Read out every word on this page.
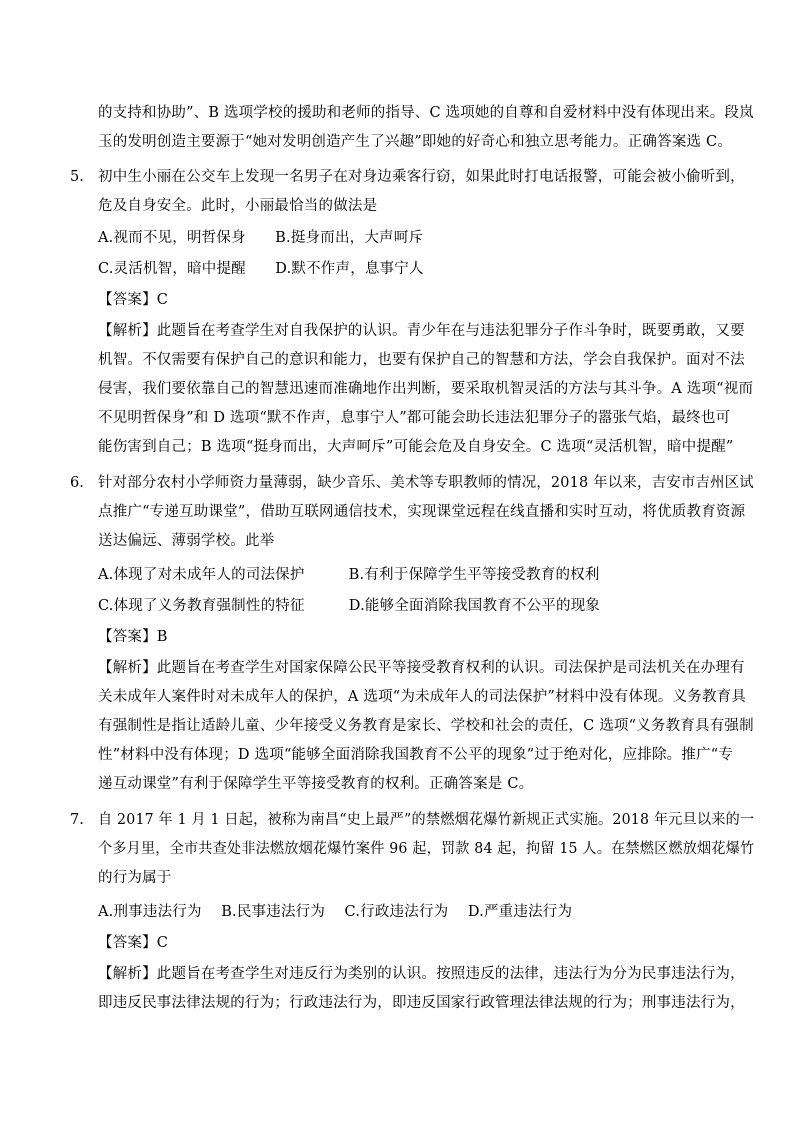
的支持和协助”、B 选项学校的援助和老师的指导、C 选项她的自尊和自爱材料中没有体现出来。段岚
玉的发明创造主要源于“她对发明创造产生了兴趣”即她的好奇心和独立思考能力。正确答案选 C。
5. 初中生小丽在公交车上发现一名男子在对身边乘客行窃，如果此时打电话报警，可能会被小偷听到，
危及自身安全。此时，小丽最恰当的做法是
A.视而不见，明哲保身　　B.挺身而出，大声呵斥
C.灵活机智，暗中提醒　　D.默不作声，息事宁人
【答案】C
【解析】此题旨在考查学生对自我保护的认识。青少年在与违法犯罪分子作斗争时，既要勇敢，又要
机智。不仅需要有保护自己的意识和能力，也要有保护自己的智慧和方法，学会自我保护。面对不法
侵害，我们要依靠自己的智慧迅速而准确地作出判断，要采取机智灵活的方法与其斗争。A 选项“视而
不见明哲保身”和 D 选项“默不作声，息事宁人”都可能会助长违法犯罪分子的嚣张气焰，最终也可
能伤害到自己；B 选项“挺身而出，大声呵斥”可能会危及自身安全。C 选项“灵活机智，暗中提醒”
6. 针对部分农村小学师资力量薄弱，缺少音乐、美术等专职教师的情况，2018 年以来，吉安市吉州区试
点推广“专递互助课堂”，借助互联网通信技术，实现课堂远程在线直播和实时互动，将优质教育资源
送达偏远、薄弱学校。此举
A.体现了对未成年人的司法保护　　　B.有利于保障学生平等接受教育的权利
C.体现了义务教育强制性的特征　　　D.能够全面消除我国教育不公平的现象
【答案】B
【解析】此题旨在考查学生对国家保障公民平等接受教育权利的认识。司法保护是司法机关在办理有
关未成年人案件时对未成年人的保护，A 选项“为未成年人的司法保护”材料中没有体现。义务教育具
有强制性是指让适龄儿童、少年接受义务教育是家长、学校和社会的责任，C 选项“义务教育具有强制
性”材料中没有体现；D 选项“能够全面消除我国教育不公平的现象”过于绝对化，应排除。推广“专
递互动课堂”有利于保障学生平等接受教育的权利。正确答案是 C。
7. 自 2017 年 1 月 1 日起，被称为南昌“史上最严”的禁燃烟花爆竹新规正式实施。2018 年元旦以来的一
个多月里，全市共查处非法燃放烟花爆竹案件 96 起，罚款 84 起，拘留 15 人。在禁燃区燃放烟花爆竹
的行为属于
A.刑事违法行为　 B.民事违法行为　 C.行政违法行为　 D.严重违法行为
【答案】C
【解析】此题旨在考查学生对违反行为类别的认识。按照违反的法律，违法行为分为民事违法行为，
即违反民事法律法规的行为；行政违法行为，即违反国家行政管理法律法规的行为；刑事违法行为，
